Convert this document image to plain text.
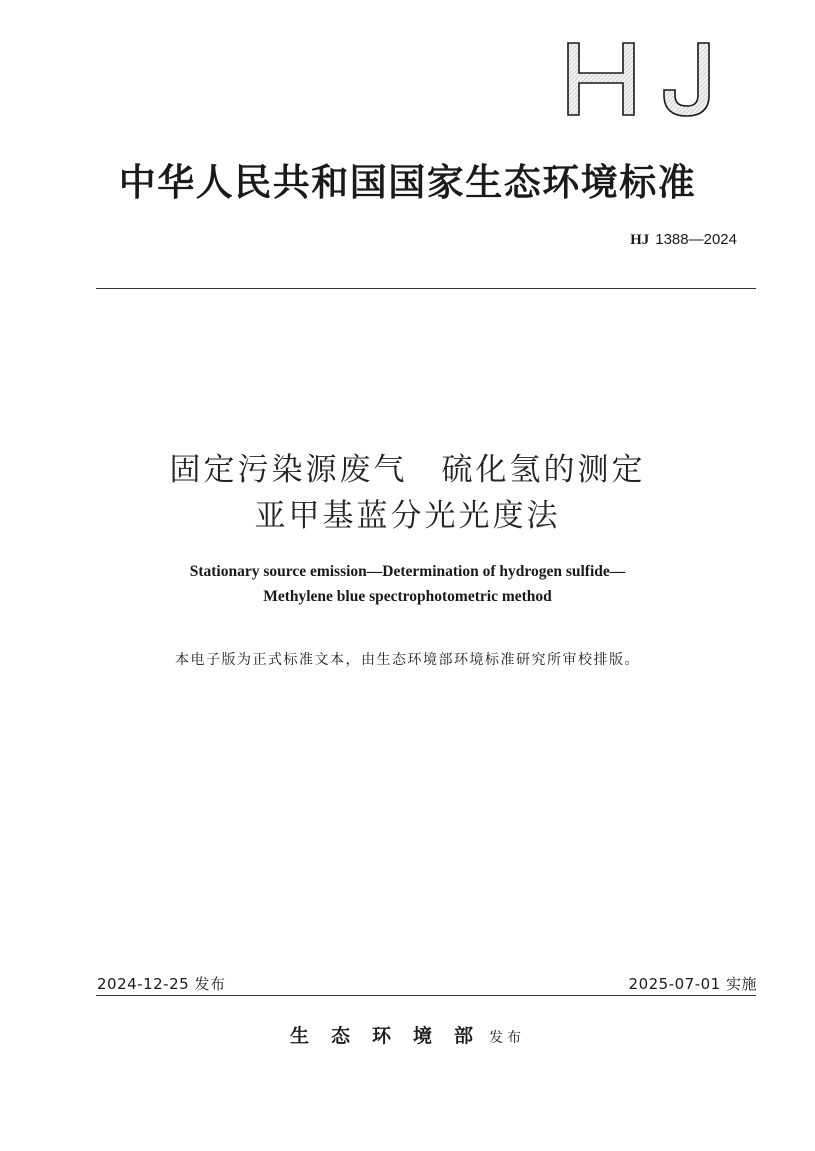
中华人民共和国国家生态环境标准
HJ 1388—2024
固定污染源废气　硫化氢的测定
亚甲基蓝分光光度法
Stationary source emission—Determination of hydrogen sulfide—
Methylene blue spectrophotometric method
本电子版为正式标准文本，由生态环境部环境标准研究所审校排版。
2024-12-25 发布	2025-07-01 实施
生态环境部发布
